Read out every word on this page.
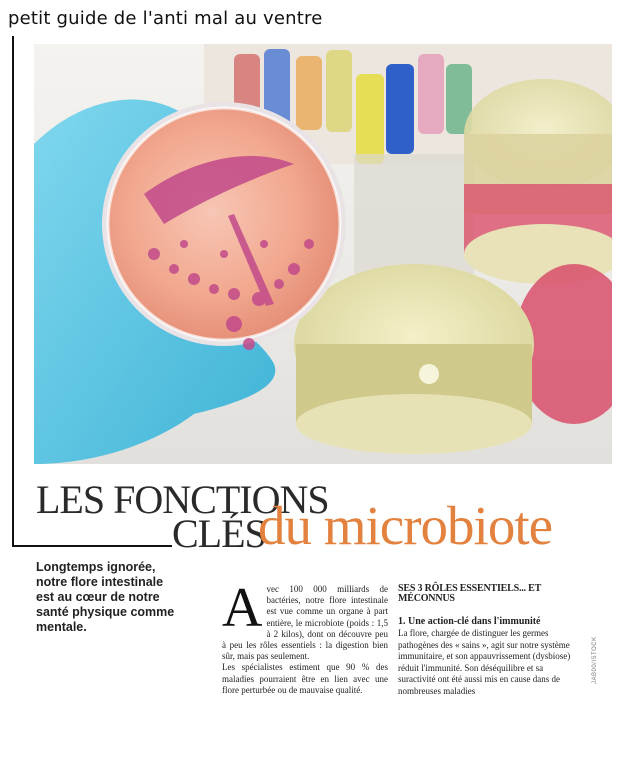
petit guide de l'anti mal au ventre
JAB00/ISTOCK
LES FONCTIONS
CLÉS
du microbiote
Longtemps ignorée, notre flore intestinale est au cœur de notre santé physique comme mentale.	A vec 100 000 milliards de bactéries, notre flore intestinale est vue comme un organe à part entière, le microbiote (poids : 1,5 à 2 kilos), dont on découvre peu à peu les rôles essentiels : la digestion bien sûr, mais pas seulement.

Les spécialistes estiment que 90 % des maladies pourraient être en lien avec une flore perturbée ou de mauvaise qualité.

SES 3 RÔLES ESSENTIELS... ET MÉCONNUS
1. Une action-clé dans l'immunité

La flore, chargée de distinguer les germes pathogènes des « sains », agit sur notre système immunitaire, et son appauvrissement (dysbiose) réduit l'immunité. Son déséquilibre et sa suractivité ont été aussi mis en cause dans de nombreuses maladies
